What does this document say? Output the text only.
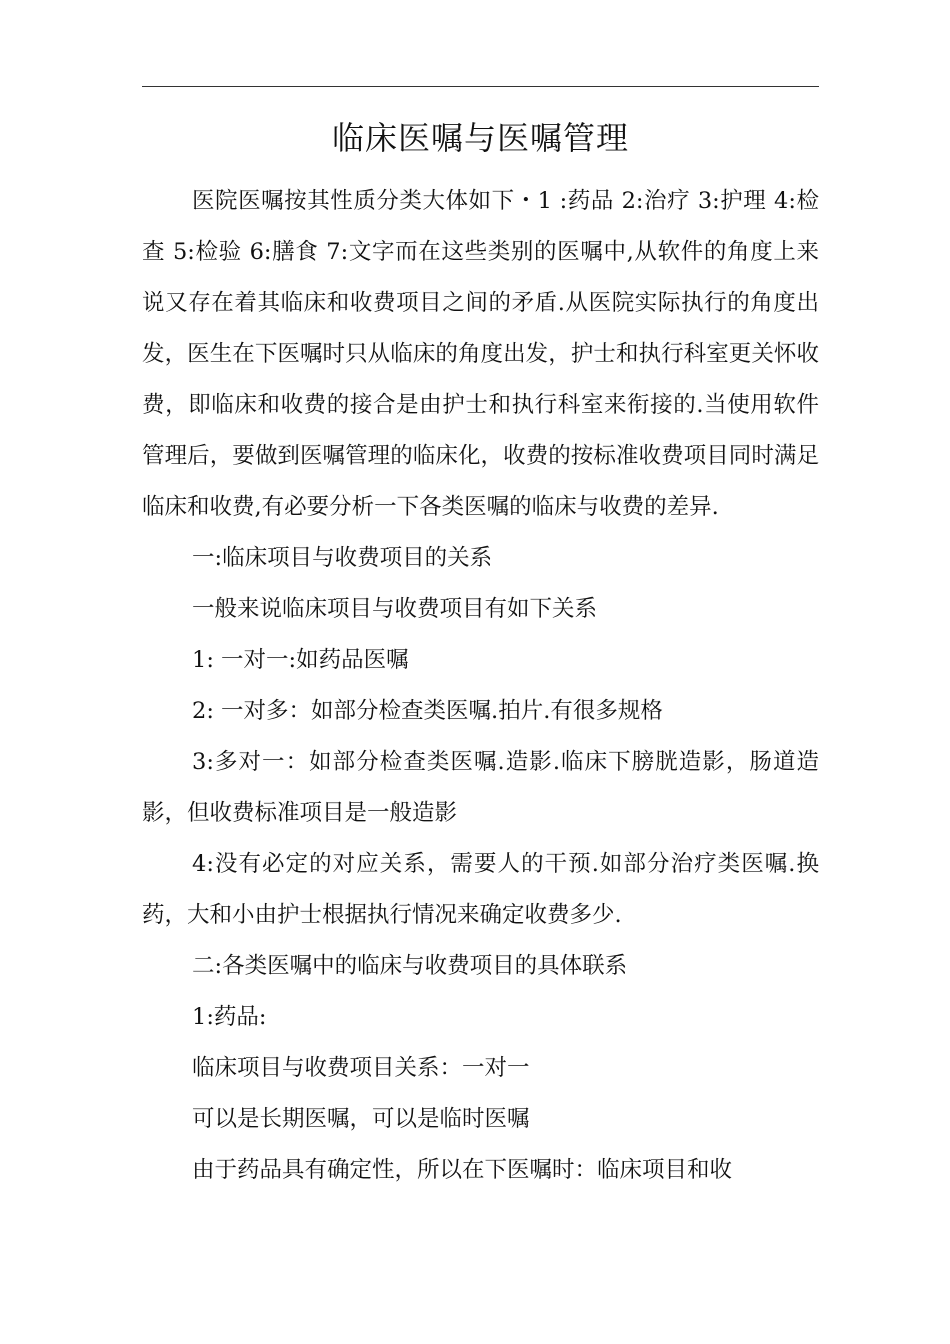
临床医嘱与医嘱管理

医院医嘱按其性质分类大体如下・1 :药品 2:治疗 3:护理 4:检查 5:检验 6:膳食 7:文字而在这些类别的医嘱中,从软件的角度上来说又存在着其临床和收费项目之间的矛盾.从医院实际执行的角度出发，医生在下医嘱时只从临床的角度出发，护士和执行科室更关怀收费，即临床和收费的接合是由护士和执行科室来衔接的.当使用软件管理后，要做到医嘱管理的临床化，收费的按标准收费项目同时满足临床和收费,有必要分析一下各类医嘱的临床与收费的差异.

一:临床项目与收费项目的关系

一般来说临床项目与收费项目有如下关系

1: 一对一:如药品医嘱

2: 一对多：如部分检查类医嘱.拍片.有很多规格

3:多对一：如部分检查类医嘱.造影.临床下膀胱造影，肠道造影，但收费标准项目是一般造影

4:没有必定的对应关系，需要人的干预.如部分治疗类医嘱.换药，大和小由护士根据执行情况来确定收费多少.

二:各类医嘱中的临床与收费项目的具体联系

1:药品:

临床项目与收费项目关系：一对一

可以是长期医嘱，可以是临时医嘱

由于药品具有确定性，所以在下医嘱时：临床项目和收
